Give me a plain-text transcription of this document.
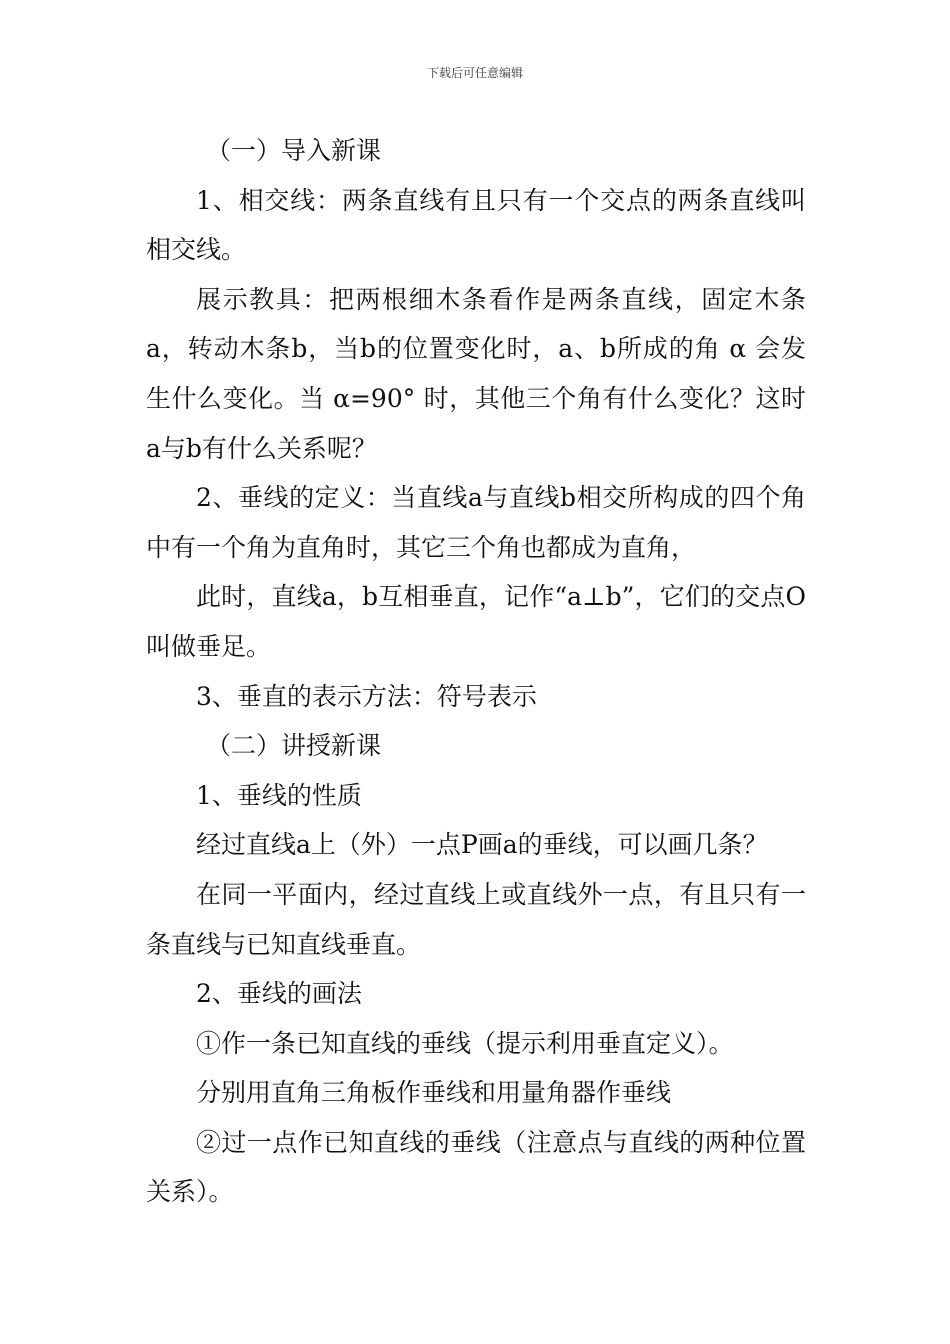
下载后可任意编辑

（一）导入新课

1、相交线：两条直线有且只有一个交点的两条直线叫相交线。

展示教具：把两根细木条看作是两条直线，固定木条a，转动木条b，当b的位置变化时，a、b所成的角 α 会发生什么变化。当 α=90° 时，其他三个角有什么变化？这时a与b有什么关系呢？

2、垂线的定义：当直线a与直线b相交所构成的四个角中有一个角为直角时，其它三个角也都成为直角，

此时，直线a，b互相垂直，记作“a⊥b”，它们的交点O叫做垂足。

3、垂直的表示方法：符号表示

（二）讲授新课

1、垂线的性质

经过直线a上（外）一点P画a的垂线，可以画几条？

在同一平面内，经过直线上或直线外一点，有且只有一条直线与已知直线垂直。

2、垂线的画法

①作一条已知直线的垂线（提示利用垂直定义）。

分别用直角三角板作垂线和用量角器作垂线

②过一点作已知直线的垂线（注意点与直线的两种位置关系）。
